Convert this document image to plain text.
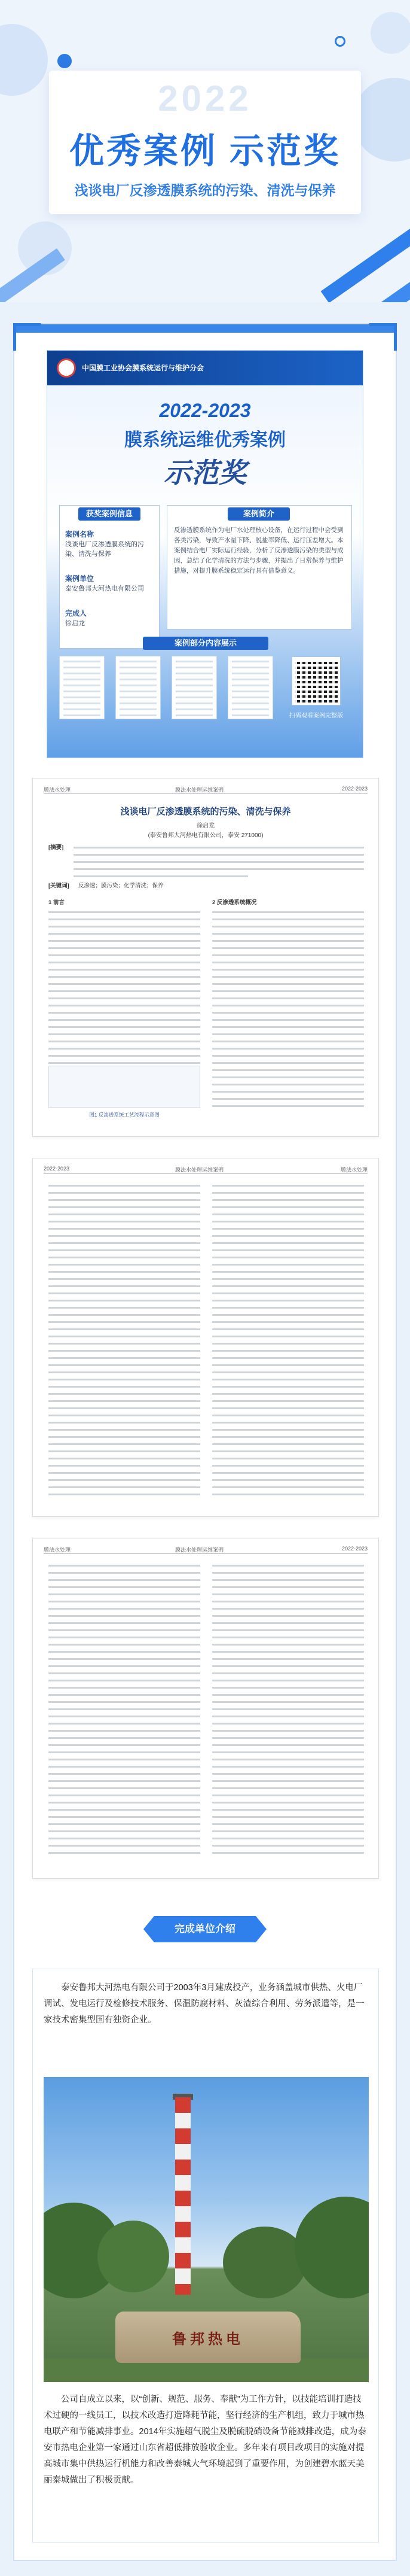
2022
优秀案例 示范奖
浅谈电厂反渗透膜系统的污染、清洗与保养
中国膜工业协会膜系统运行与维护分会
2022-2023
膜系统运维优秀案例
示范奖
获奖案例信息	案例简介
案例名称
浅谈电厂反渗透膜系统的污染、清洗与保养
案例单位
泰安鲁邦大河热电有限公司
完成人
徐启龙
反渗透膜系统作为电厂水处理核心设备，在运行过程中会受到各类污染，导致产水量下降、脱盐率降低、运行压差增大。本案例结合电厂实际运行经验，分析了反渗透膜污染的类型与成因，总结了化学清洗的方法与步骤，并提出了日常保养与维护措施，对提升膜系统稳定运行具有借鉴意义。
案例部分内容展示
扫码观看案例完整版
膜法水处理	膜法水处理运维案例	2022-2023
浅谈电厂反渗透膜系统的污染、清洗与保养
徐启龙
(泰安鲁邦大河热电有限公司，泰安 271000)
[摘要]
[关键词]	反渗透；膜污染；化学清洗；保养
1 前言	2 反渗透系统概况
图1 反渗透系统工艺流程示意图
2022-2023	膜法水处理运维案例	膜法水处理
膜法水处理	膜法水处理运维案例	2022-2023
完成单位介绍
泰安鲁邦大河热电有限公司于2003年3月建成投产，业务涵盖城市供热、火电厂调试、发电运行及检修技术服务、保温防腐材料、灰渣综合利用、劳务派遣等，是一家技术密集型国有独资企业。
鲁邦热电
公司自成立以来，以“创新、规范、服务、奉献”为工作方针，以技能培训打造技术过硬的一线员工，以技术改造打造降耗节能，坚行经济的生产机组，致力于城市热电联产和节能减排事业。2014年实施超气脱尘及脱硫脱硝设备节能减排改造，成为泰安市热电企业第一家通过山东省超低排放验收企业。多年来有项目改项目的实施对提高城市集中供热运行机能力和改善泰城大气环境起到了重要作用，为创建碧水蓝天美丽泰城做出了积极贡献。
